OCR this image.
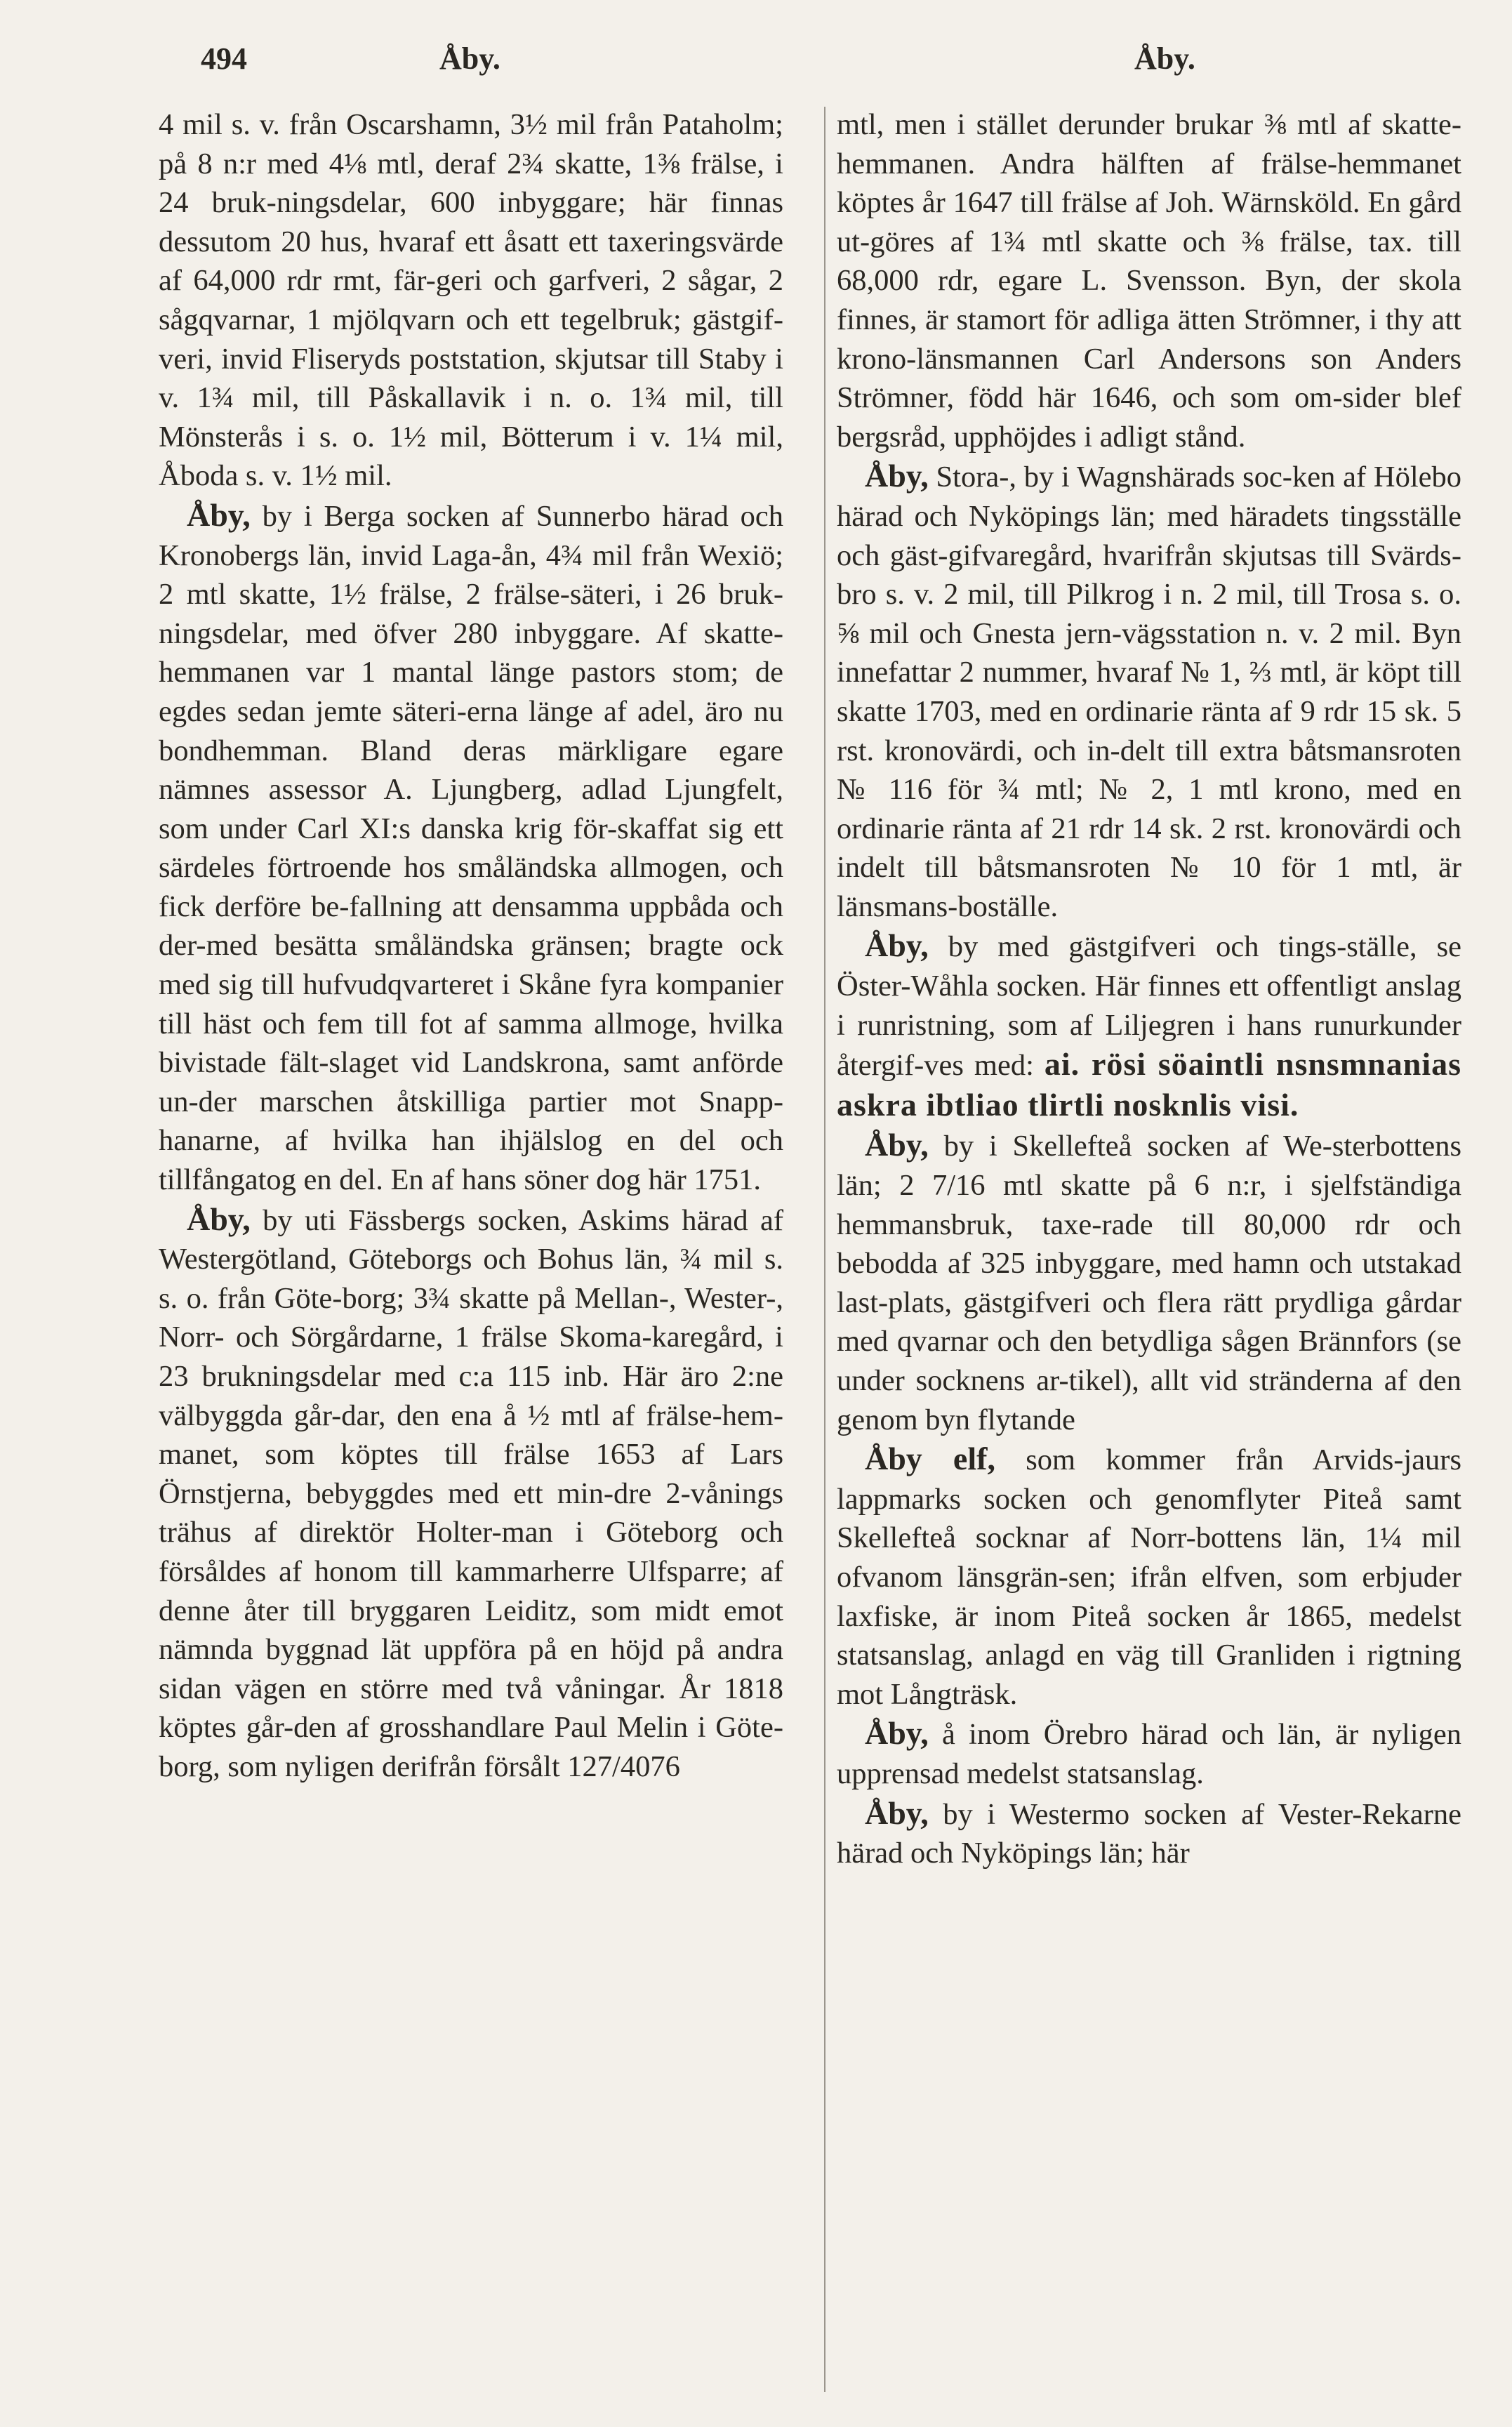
494	Åby.	Åby.

4 mil s. v. från Oscarshamn, 3½ mil från Pataholm; på 8 n:r med 4⅛ mtl, deraf 2¾ skatte, 1⅜ frälse, i 24 bruk-ningsdelar, 600 inbyggare; här finnas dessutom 20 hus, hvaraf ett åsatt ett taxeringsvärde af 64,000 rdr rmt, fär-geri och garfveri, 2 sågar, 2 sågqvarnar, 1 mjölqvarn och ett tegelbruk; gästgif-veri, invid Fliseryds poststation, skjutsar till Staby i v. 1¾ mil, till Påskallavik i n. o. 1¾ mil, till Mönsterås i s. o. 1½ mil, Bötterum i v. 1¼ mil, Åboda s. v. 1½ mil.

Åby, by i Berga socken af Sunnerbo härad och Kronobergs län, invid Laga-ån, 4¾ mil från Wexiö; 2 mtl skatte, 1½ frälse, 2 frälse-säteri, i 26 bruk-ningsdelar, med öfver 280 inbyggare. Af skatte-hemmanen var 1 mantal länge pastors stom; de egdes sedan jemte säteri-erna länge af adel, äro nu bondhemman. Bland deras märkligare egare nämnes assessor A. Ljungberg, adlad Ljungfelt, som under Carl XI:s danska krig för-skaffat sig ett särdeles förtroende hos småländska allmogen, och fick derföre be-fallning att densamma uppbåda och der-med besätta småländska gränsen; bragte ock med sig till hufvudqvarteret i Skåne fyra kompanier till häst och fem till fot af samma allmoge, hvilka bivistade fält-slaget vid Landskrona, samt anförde un-der marschen åtskilliga partier mot Snapp-hanarne, af hvilka han ihjälslog en del och tillfångatog en del. En af hans söner dog här 1751.

Åby, by uti Fässbergs socken, Askims härad af Westergötland, Göteborgs och Bohus län, ¾ mil s. s. o. från Göte-borg; 3¾ skatte på Mellan-, Wester-, Norr- och Sörgårdarne, 1 frälse Skoma-karegård, i 23 brukningsdelar med c:a 115 inb. Här äro 2:ne välbyggda går-dar, den ena å ½ mtl af frälse-hem-manet, som köptes till frälse 1653 af Lars Örnstjerna, bebyggdes med ett min-dre 2-vånings trähus af direktör Holter-man i Göteborg och försåldes af honom till kammarherre Ulfsparre; af denne åter till bryggaren Leiditz, som midt emot nämnda byggnad lät uppföra på en höjd på andra sidan vägen en större med två våningar. År 1818 köptes går-den af grosshandlare Paul Melin i Göte-borg, som nyligen derifrån försålt 127/4076

mtl, men i stället derunder brukar ⅜ mtl af skatte-hemmanen. Andra hälften af frälse-hemmanet köptes år 1647 till frälse af Joh. Wärnsköld. En gård ut-göres af 1¾ mtl skatte och ⅜ frälse, tax. till 68,000 rdr, egare L. Svensson. Byn, der skola finnes, är stamort för adliga ätten Strömner, i thy att krono-länsmannen Carl Andersons son Anders Strömner, född här 1646, och som om-sider blef bergsråd, upphöjdes i adligt stånd.

Åby, Stora-, by i Wagnshärads soc-ken af Hölebo härad och Nyköpings län; med häradets tingsställe och gäst-gifvaregård, hvarifrån skjutsas till Svärds-bro s. v. 2 mil, till Pilkrog i n. 2 mil, till Trosa s. o. ⅝ mil och Gnesta jern-vägsstation n. v. 2 mil. Byn innefattar 2 nummer, hvaraf № 1, ⅔ mtl, är köpt till skatte 1703, med en ordinarie ränta af 9 rdr 15 sk. 5 rst. kronovärdi, och in-delt till extra båtsmansroten № 116 för ¾ mtl; № 2, 1 mtl krono, med en ordinarie ränta af 21 rdr 14 sk. 2 rst. kronovärdi och indelt till båtsmansroten № 10 för 1 mtl, är länsmans-boställe.

Åby, by med gästgifveri och tings-ställe, se Öster-Wåhla socken. Här finnes ett offentligt anslag i runristning, som af Liljegren i hans runurkunder återgif-ves med: ai. rösi söaintli nsnsmnanias askra ibtliao tlirtli nosknlis visi.

Åby, by i Skellefteå socken af We-sterbottens län; 2 7/16 mtl skatte på 6 n:r, i sjelfständiga hemmansbruk, taxe-rade till 80,000 rdr och bebodda af 325 inbyggare, med hamn och utstakad last-plats, gästgifveri och flera rätt prydliga gårdar med qvarnar och den betydliga sågen Brännfors (se under socknens ar-tikel), allt vid stränderna af den genom byn flytande

Åby elf, som kommer från Arvids-jaurs lappmarks socken och genomflyter Piteå samt Skellefteå socknar af Norr-bottens län, 1¼ mil ofvanom länsgrän-sen; ifrån elfven, som erbjuder laxfiske, är inom Piteå socken år 1865, medelst statsanslag, anlagd en väg till Granliden i rigtning mot Långträsk.

Åby, å inom Örebro härad och län, är nyligen upprensad medelst statsanslag.

Åby, by i Westermo socken af Vester-Rekarne härad och Nyköpings län; här
